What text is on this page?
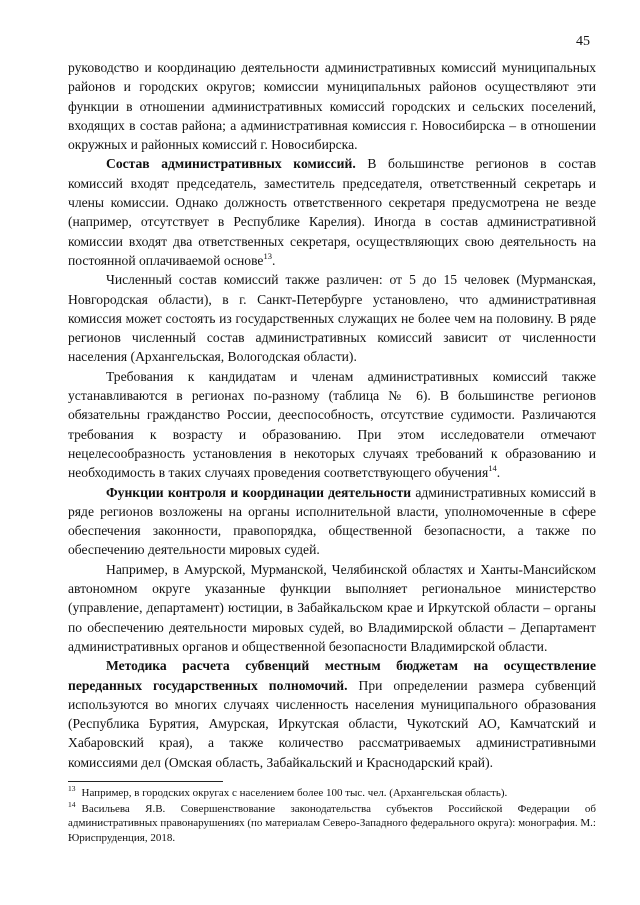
45

руководство и координацию деятельности административных комиссий муниципальных районов и городских округов; комиссии муниципальных районов осуществляют эти функции в отношении административных комиссий городских и сельских поселений, входящих в состав района; а административная комиссия г. Новосибирска – в отношении окружных и районных комиссий г. Новосибирска.

Состав административных комиссий. В большинстве регионов в состав комиссий входят председатель, заместитель председателя, ответственный секретарь и члены комиссии. Однако должность ответственного секретаря предусмотрена не везде (например, отсутствует в Республике Карелия). Иногда в состав административной комиссии входят два ответственных секретаря, осуществляющих свою деятельность на постоянной оплачиваемой основе$^{13}$.

Численный состав комиссий также различен: от 5 до 15 человек (Мурманская, Новгородская области), в г. Санкт-Петербурге установлено, что административная комиссия может состоять из государственных служащих не более чем на половину. В ряде регионов численный состав административных комиссий зависит от численности населения (Архангельская, Вологодская области).

Требования к кандидатам и членам административных комиссий также устанавливаются в регионах по-разному (таблица № 6). В большинстве регионов обязательны гражданство России, дееспособность, отсутствие судимости. Различаются требования к возрасту и образованию. При этом исследователи отмечают нецелесообразность установления в некоторых случаях требований к образованию и необходимость в таких случаях проведения соответствующего обучения$^{14}$.

Функции контроля и координации деятельности административных комиссий в ряде регионов возложены на органы исполнительной власти, уполномоченные в сфере обеспечения законности, правопорядка, общественной безопасности, а также по обеспечению деятельности мировых судей.

Например, в Амурской, Мурманской, Челябинской областях и Ханты-Мансийском автономном округе указанные функции выполняет региональное министерство (управление, департамент) юстиции, в Забайкальском крае и Иркутской области – органы по обеспечению деятельности мировых судей, во Владимирской области – Департамент административных органов и общественной безопасности Владимирской области.

Методика расчета субвенций местным бюджетам на осуществление переданных государственных полномочий. При определении размера субвенций используются во многих случаях численность населения муниципального образования (Республика Бурятия, Амурская, Иркутская области, Чукотский АО, Камчатский и Хабаровский края), а также количество рассматриваемых административными комиссиями дел (Омская область, Забайкальский и Краснодарский край).

$^{13}$ Например, в городских округах с населением более 100 тыс. чел. (Архангельская область).

$^{14}$ Васильева Я.В. Совершенствование законодательства субъектов Российской Федерации об административных правонарушениях (по материалам Северо-Западного федерального округа): монография. М.: Юриспруденция, 2018.
